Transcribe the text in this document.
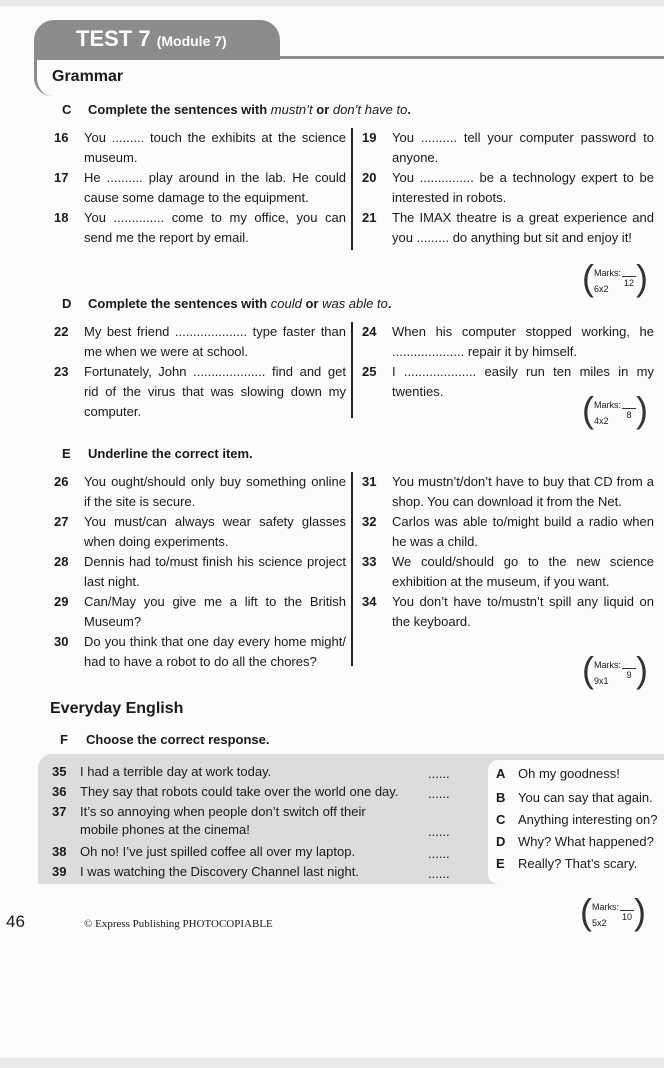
TEST 7 (Module 7)
Grammar
C Complete the sentences with mustn’t or don’t have to.
16 You ......... touch the exhibits at the science museum.
17 He .......... play around in the lab. He could cause some damage to the equipment.
18 You .............. come to my office, you can send me the report by email.
19 You .......... tell your computer password to anyone.
20 You ............... be a technology expert to be interested in robots.
21 The IMAX theatre is a great experience and you ......... do anything but sit and enjoy it!
( )
Marks:
6x2
12
D Complete the sentences with could or was able to.
22 My best friend .................... type faster than me when we were at school.
23 Fortunately, John .................... find and get rid of the virus that was slowing down my computer.
24 When his computer stopped working, he .................... repair it by himself.
25 I .................... easily run ten miles in my twenties.	( )
Marks:
4x2
8
E Underline the correct item.
26 You ought/should only buy something online if the site is secure.
27 You must/can always wear safety glasses when doing experiments.
28 Dennis had to/must finish his science project last night.
29 Can/May you give me a lift to the British Museum?
30 Do you think that one day every home might/ had to have a robot to do all the chores?
31 You mustn’t/don’t have to buy that CD from a shop. You can download it from the Net.
32 Carlos was able to/might build a radio when he was a child.
33 We could/should go to the new science exhibition at the museum, if you want.
34 You don’t have to/mustn’t spill any liquid on the keyboard.
( )
Marks:
9x1
9
Everyday English
F Choose the correct response.
35 I had a terrible day at work today.
36 They say that robots could take over the world one day.
37 It’s so annoying when people don’t switch off their
mobile phones at the cinema!
38 Oh no! I’ve just spilled coffee all over my laptop.
39 I was watching the Discovery Channel last night.
......
......
......
......
......
A Oh my goodness!
B You can say that again.
C Anything interesting on?
D Why? What happened?
E Really? That’s scary.
( )
Marks:
5x2
10
46	© Express Publishing PHOTOCOPIABLE
